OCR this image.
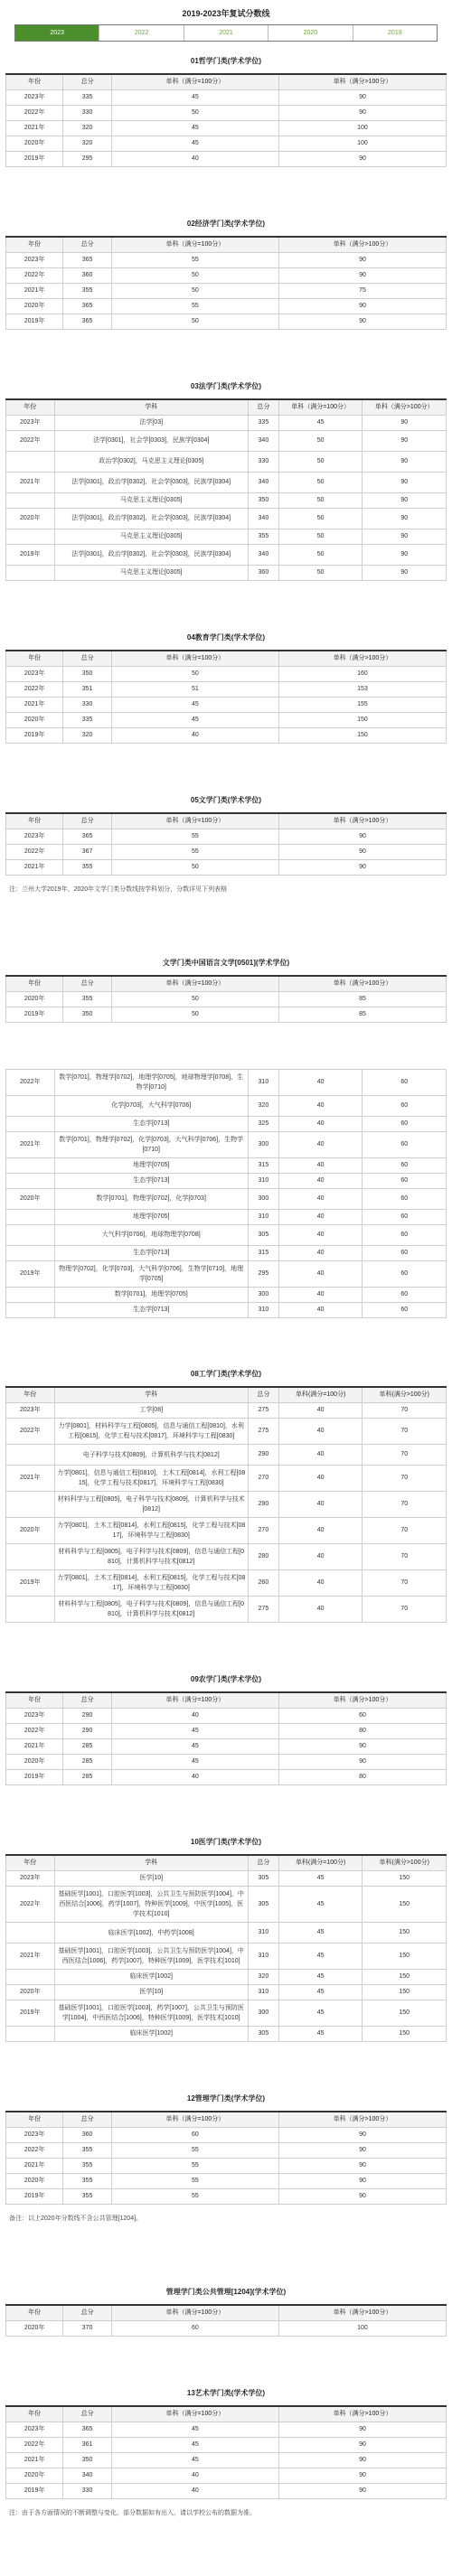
2019-2023年复试分数线
2023	2022	2021	2020	2019
01哲学门类(学术学位)
年份	总分	单科（满分=100分）	单科（满分>100分）
2023年	335	45	90
2022年	330	50	90
2021年	320	45	100
2020年	320	45	100
2019年	295	40	90
02经济学门类(学术学位)
年份	总分	单科（满分=100分）	单科（满分>100分）
2023年	365	55	90
2022年	360	50	90
2021年	355	50	75
2020年	365	55	90
2019年	365	50	90
03法学门类(学术学位)
年份	学科	总分	单科（满分=100分）	单科（满分>100分）
2023年	法学[03]	335	45	90
2022年	法学[0301]，社会学[0303]，民族学[0304]	340	50	90
	政治学[0302]，马克思主义理论[0305]	330	50	90
2021年	法学[0301]，政治学[0302]，社会学[0303]，民族学[0304]	340	50	90
	马克思主义理论[0305]	350	50	90
2020年	法学[0301]，政治学[0302]，社会学[0303]，民族学[0304]	340	50	90
	马克思主义理论[0305]	355	50	90
2019年	法学[0301]，政治学[0302]，社会学[0303]，民族学[0304]	340	50	90
	马克思主义理论[0305]	360	50	90
04教育学门类(学术学位)
年份	总分	单科（满分=100分）	单科（满分>100分）
2023年	350	50	160
2022年	351	51	153
2021年	330	45	155
2020年	335	45	150
2019年	320	40	150
05文学门类(学术学位)
年份	总分	单科（满分=100分）	单科（满分>100分）
2023年	365	55	90
2022年	367	55	90
2021年	355	50	90
注：兰州大学2019年、2020年文学门类分数线按学科划分，分数详见下列表格
文学门类中国语言文学[0501](学术学位)
年份	总分	单科（满分=100分）	单科（满分>100分）
2020年	355	50	85
2019年	350	50	85
2022年	数学[0701]，物理学[0702]，地理学[0705]，地球物理学[0708]，生物学[0710]	310	40	60
	化学[0703]，大气科学[0706]	320	40	60
	生态学[0713]	325	40	60
2021年	数学[0701]，物理学[0702]，化学[0703]，大气科学[0706]，生物学[0710]	300	40	60
	地理学[0705]	315	40	60
	生态学[0713]	310	40	60
2020年	数学[0701]，物理学[0702]，化学[0703]	300	40	60
	地理学[0705]	310	40	60
	大气科学[0706]，地球物理学[0708]	305	40	60
	生态学[0713]	315	40	60
2019年	物理学[0702]，化学[0703]，大气科学[0706]，生物学[0710]，地理学[0705]	295	40	60
	数学[0701]，地理学[0705]	300	40	60
	生态学[0713]	310	40	60
08工学门类(学术学位)
年份	学科	总分	单科(满分=100分)	单科(满分>100分)
2023年	工学[08]	275	40	70
2022年	力学[0801]，材料科学与工程[0805]，信息与通信工程[0810]，水利工程[0815]，化学工程与技术[0817]，环境科学与工程[0830]	275	40	70
	电子科学与技术[0809]，计算机科学与技术[0812]	290	40	70
2021年	力学[0801]，信息与通信工程[0810]，土木工程[0814]，水利工程[0815]，化学工程与技术[0817]，环境科学与工程[0830]	270	40	70
	材料科学与工程[0805]，电子科学与技术[0809]，计算机科学与技术[0812]	290	40	70
2020年	力学[0801]，土木工程[0814]，水利工程[0815]，化学工程与技术[0817]，环境科学与工程[0830]	270	40	70
	材料科学与工程[0805]，电子科学与技术[0809]，信息与通信工程[0810]，计算机科学与技术[0812]	280	40	70
2019年	力学[0801]，土木工程[0814]，水利工程[0815]，化学工程与技术[0817]，环境科学与工程[0830]	260	40	70
	材料科学与工程[0805]，电子科学与技术[0809]，信息与通信工程[0810]，计算机科学与技术[0812]	275	40	70
09农学门类(学术学位)
年份	总分	单科（满分=100分）	单科（满分>100分）
2023年	290	40	60
2022年	290	45	80
2021年	285	45	90
2020年	285	45	90
2019年	285	40	80
10医学门类(学术学位)
年份	学科	总分	单科(满分=100分)	单科(满分>100分)
2023年	医学[10]	305	45	150
2022年	基础医学[1001]，口腔医学[1003]，公共卫生与预防医学[1004]，中西医结合[1006]，药学[1007]，特种医学[1009]，中医学[1005]，医学技术[1010]	305	45	150
	临床医学[1002]，中药学[1008]	310	45	150
2021年	基础医学[1001]，口腔医学[1003]，公共卫生与预防医学[1004]，中西医结合[1006]，药学[1007]，特种医学[1009]，医学技术[1010]	310	45	150
	临床医学[1002]	320	45	150
2020年	医学[10]	310	45	150
2019年	基础医学[1001]，口腔医学[1003]，药学[1007]，公共卫生与预防医学[1004]，中西医结合[1006]，特种医学[1009]，医学技术[1010]	300	45	150
	临床医学[1002]	305	45	150
12管理学门类(学术学位)
年份	总分	单科（满分=100分）	单科（满分>100分）
2023年	360	60	90
2022年	355	55	90
2021年	355	55	90
2020年	355	55	90
2019年	355	55	90
备注：以上2020年分数线不含公共管理[1204]。
管理学门类公共管理[1204](学术学位)
年份	总分	单科（满分=100分）	单科（满分>100分）
2020年	370	60	100
13艺术学门类(学术学位)
年份	总分	单科（满分=100分）	单科（满分>100分）
2023年	365	45	90
2022年	361	45	90
2021年	350	45	90
2020年	340	40	90
2019年	330	40	90
注：由于各方面情况的不断调整与变化，部分数据如有出入，请以学校公布的数据为准。
